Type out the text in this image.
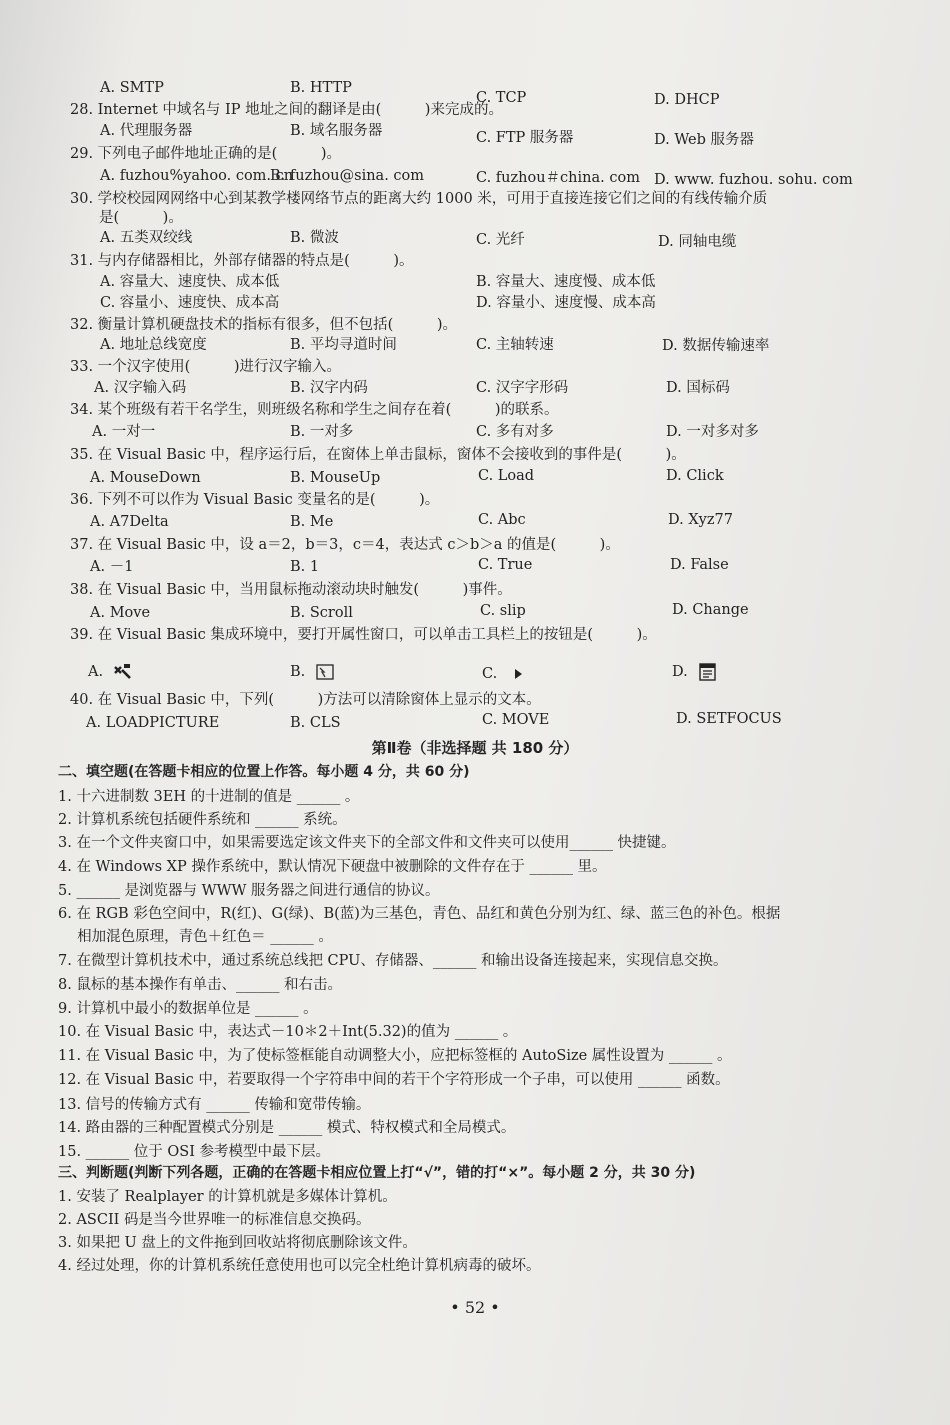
A. SMTP	B. HTTP
C. TCP	D. DHCP
28. Internet 中域名与 IP 地址之间的翻译是由(　　　)来完成的。
A. 代理服务器	B. 域名服务器	C. FTP 服务器	D. Web 服务器
29. 下列电子邮件地址正确的是(　　　)。
A. fuzhou%yahoo. com. cn
B. fuzhou@sina. com	C. fuzhou＃china. com D. www. fuzhou. sohu. com
30. 学校校园网网络中心到某教学楼网络节点的距离大约 1000 米，可用于直接连接它们之间的有线传输介质
　　是(　　　)。
A. 五类双绞线	B. 微波	C. 光纤	D. 同轴电缆
31. 与内存储器相比，外部存储器的特点是(　　　)。
A. 容量大、速度快、成本低	B. 容量大、速度慢、成本低
C. 容量小、速度快、成本高	D. 容量小、速度慢、成本高
32. 衡量计算机硬盘技术的指标有很多，但不包括(　　　)。
A. 地址总线宽度	B. 平均寻道时间	C. 主轴转速	D. 数据传输速率
33. 一个汉字使用(　　　)进行汉字输入。
A. 汉字输入码	B. 汉字内码	C. 汉字字形码	D. 国标码
34. 某个班级有若干名学生，则班级名称和学生之间存在着(　　　)的联系。
A. 一对一	B. 一对多	C. 多有对多	D. 一对多对多
35. 在 Visual Basic 中，程序运行后，在窗体上单击鼠标，窗体不会接收到的事件是(　　　)。
A. MouseDown	B. MouseUp	C. Load	D. Click
36. 下列不可以作为 Visual Basic 变量名的是(　　　)。
A. A7Delta	B. Me	C. Abc	D. Xyz77
37. 在 Visual Basic 中，设 a＝2，b＝3，c＝4，表达式 c＞b＞a 的值是(　　　)。
A. －1	B. 1	C. True	D. False
38. 在 Visual Basic 中，当用鼠标拖动滚动块时触发(　　　)事件。
A. Move	B. Scroll	C. slip	D. Change
39. 在 Visual Basic 集成环境中，要打开属性窗口，可以单击工具栏上的按钮是(　　　)。
40. 在 Visual Basic 中，下列(　　　)方法可以清除窗体上显示的文本。
A. LOADPICTURE	B. CLS	C. MOVE	D. SETFOCUS
A.	B.	C.	D.
第Ⅱ卷（非选择题 共 180 分）
二、填空题(在答题卡相应的位置上作答。每小题 4 分，共 60 分)
1. 十六进制数 3EH 的十进制的值是 ______ 。
2. 计算机系统包括硬件系统和 ______ 系统。
3. 在一个文件夹窗口中，如果需要选定该文件夹下的全部文件和文件夹可以使用______ 快捷键。
4. 在 Windows XP 操作系统中，默认情况下硬盘中被删除的文件存在于 ______ 里。
5. ______ 是浏览器与 WWW 服务器之间进行通信的协议。
6. 在 RGB 彩色空间中，R(红)、G(绿)、B(蓝)为三基色，青色、品红和黄色分别为红、绿、蓝三色的补色。根据
　 相加混色原理，青色＋红色＝ ______ 。
7. 在微型计算机技术中，通过系统总线把 CPU、存储器、______ 和输出设备连接起来，实现信息交换。
8. 鼠标的基本操作有单击、______ 和右击。
9. 计算机中最小的数据单位是 ______ 。
10. 在 Visual Basic 中，表达式－10＊2＋Int(5.32)的值为 ______ 。
11. 在 Visual Basic 中，为了使标签框能自动调整大小，应把标签框的 AutoSize 属性设置为 ______ 。
12. 在 Visual Basic 中，若要取得一个字符串中间的若干个字符形成一个子串，可以使用 ______ 函数。
13. 信号的传输方式有 ______ 传输和宽带传输。
14. 路由器的三种配置模式分别是 ______ 模式、特权模式和全局模式。
15. ______ 位于 OSI 参考模型中最下层。
三、判断题(判断下列各题，正确的在答题卡相应位置上打“√”，错的打“×”。每小题 2 分，共 30 分)
1. 安装了 Realplayer 的计算机就是多媒体计算机。
2. ASCII 码是当今世界唯一的标准信息交换码。
3. 如果把 U 盘上的文件拖到回收站将彻底删除该文件。
4. 经过处理，你的计算机系统任意使用也可以完全杜绝计算机病毒的破坏。
• 52 •
